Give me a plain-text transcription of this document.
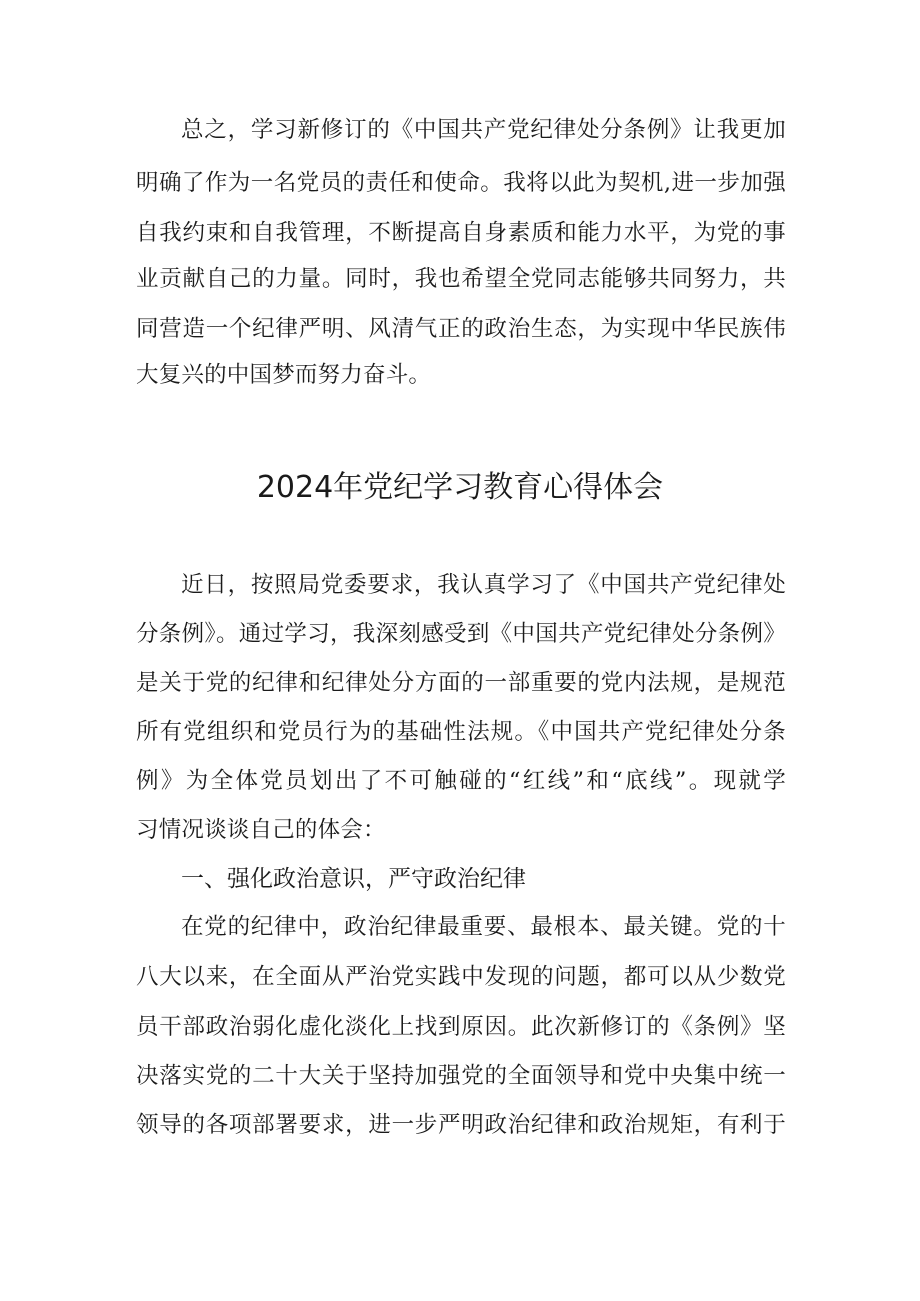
总之，学习新修订的《中国共产党纪律处分条例》让我更加
明确了作为一名党员的责任和使命。我将以此为契机,进一步加强
自我约束和自我管理，不断提高自身素质和能力水平，为党的事
业贡献自己的力量。同时，我也希望全党同志能够共同努力，共
同营造一个纪律严明、风清气正的政治生态，为实现中华民族伟
大复兴的中国梦而努力奋斗。
2024年党纪学习教育心得体会
近日，按照局党委要求，我认真学习了《中国共产党纪律处
分条例》。通过学习，我深刻感受到《中国共产党纪律处分条例》
是关于党的纪律和纪律处分方面的一部重要的党内法规，是规范
所有党组织和党员行为的基础性法规。《中国共产党纪律处分条
例》为全体党员划出了不可触碰的“红线”和“底线”。现就学
习情况谈谈自己的体会：
一、强化政治意识，严守政治纪律
在党的纪律中，政治纪律最重要、最根本、最关键。党的十
八大以来，在全面从严治党实践中发现的问题，都可以从少数党
员干部政治弱化虚化淡化上找到原因。此次新修订的《条例》坚
决落实党的二十大关于坚持加强党的全面领导和党中央集中统一
领导的各项部署要求，进一步严明政治纪律和政治规矩，有利于
